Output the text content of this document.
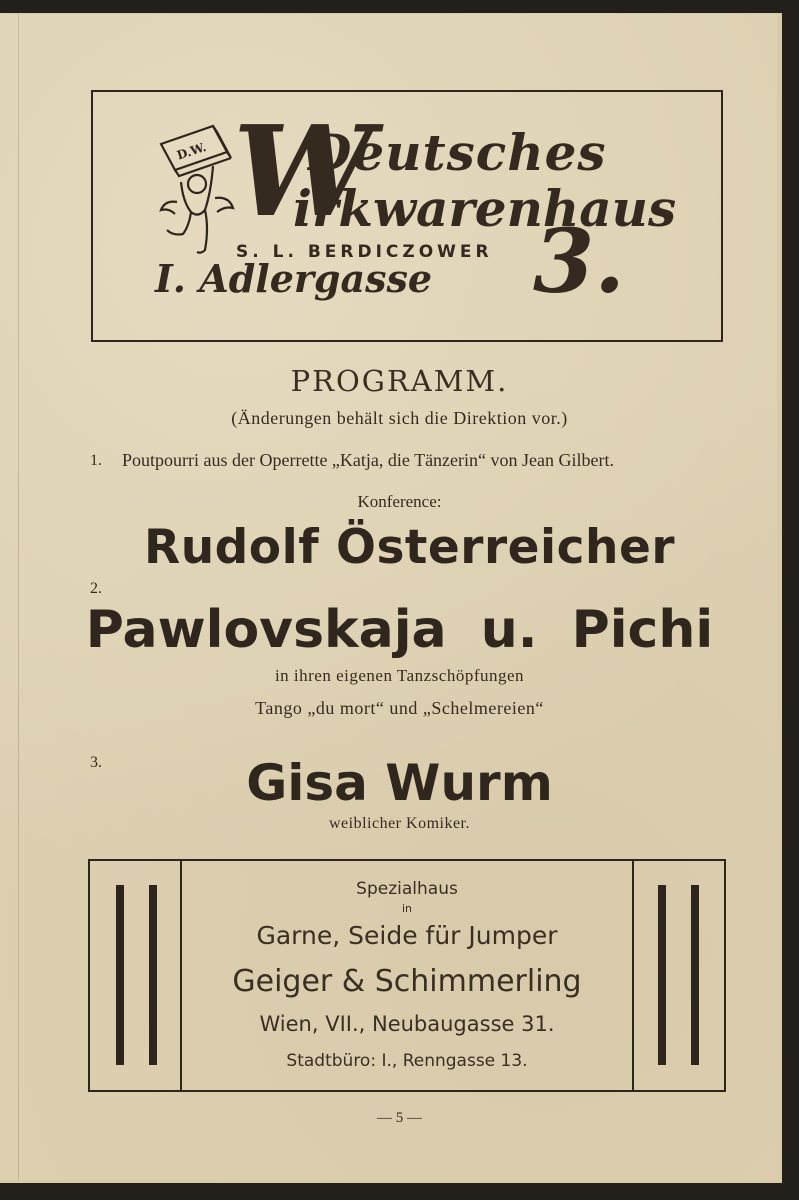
D.W. W
Deutsches
irkwarenhaus
S. L. BERDICZOWER
I. Adlergasse 3.
PROGRAMM.
(Änderungen behält sich die Direktion vor.)
1. Poutpourri aus der Operrette „Katja, die Tänzerin“ von Jean Gilbert.
Konference:
Rudolf Österreicher
2.
Pawlovskaja u. Pichi
in ihren eigenen Tanzschöpfungen
Tango „du mort“ und „Schelmereien“
3.	Gisa Wurm
weiblicher Komiker.
Spezialhaus
in
Garne, Seide für Jumper
Geiger & Schimmerling
Wien, VII., Neubaugasse 31.
Stadtbüro: I., Renngasse 13.
— 5 —
